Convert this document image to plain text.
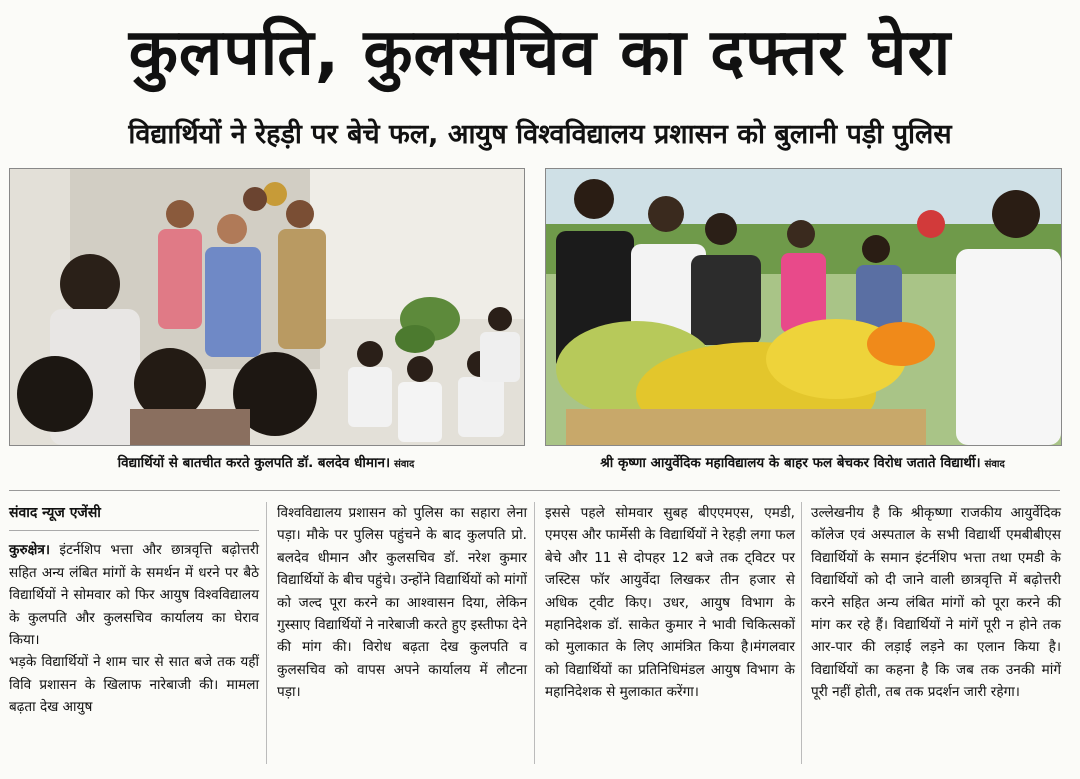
कुलपति, कुलसचिव का दफ्तर घेरा
विद्यार्थियों ने रेहड़ी पर बेचे फल, आयुष विश्वविद्यालय प्रशासन को बुलानी पड़ी पुलिस
विद्यार्थियों से बातचीत करते कुलपति डॉ. बलदेव धीमान। संवाद	श्री कृष्णा आयुर्वेदिक महाविद्यालय के बाहर फल बेचकर विरोध जताते विद्यार्थी। संवाद
संवाद न्यूज एजेंसी

कुरुक्षेत्र। इंटर्नशिप भत्ता और छात्रवृत्ति बढ़ोत्तरी सहित अन्य लंबित मांगों के समर्थन में धरने पर बैठे विद्यार्थियों ने सोमवार को फिर आयुष विश्वविद्यालय के कुलपति और कुलसचिव कार्यालय का घेराव किया।

भड़के विद्यार्थियों ने शाम चार से सात बजे तक यहीं विवि प्रशासन के खिलाफ नारेबाजी की। मामला बढ़ता देख आयुष

विश्वविद्यालय प्रशासन को पुलिस का सहारा लेना पड़ा। मौके पर पुलिस पहुंचने के बाद कुलपति प्रो. बलदेव धीमान और कुलसचिव डॉ. नरेश कुमार विद्यार्थियों के बीच पहुंचे। उन्होंने विद्यार्थियों को मांगों को जल्द पूरा करने का आश्वासन दिया, लेकिन गुस्साए विद्यार्थियों ने नारेबाजी करते हुए इस्तीफा देने की मांग की। विरोध बढ़ता देख कुलपति व कुलसचिव को वापस अपने कार्यालय में लौटना पड़ा।

इससे पहले सोमवार सुबह बीएएमएस, एमडी, एमएस और फार्मेसी के विद्यार्थियों ने रेहड़ी लगा फल बेचे और 11 से दोपहर 12 बजे तक ट्विटर पर जस्टिस फॉर आयुर्वेदा लिखकर तीन हजार से अधिक ट्वीट किए। उधर, आयुष विभाग के महानिदेशक डॉ. साकेत कुमार ने भावी चिकित्सकों को मुलाकात के लिए आमंत्रित किया है।मंगलवार को विद्यार्थियों का प्रतिनिधिमंडल आयुष विभाग के महानिदेशक से मुलाकात करेंगा।

उल्लेखनीय है कि श्रीकृष्णा राजकीय आयुर्वेदिक कॉलेज एवं अस्पताल के सभी विद्यार्थी एमबीबीएस विद्यार्थियों के समान इंटर्नशिप भत्ता तथा एमडी के विद्यार्थियों को दी जाने वाली छात्रवृत्ति में बढ़ोत्तरी करने सहित अन्य लंबित मांगों को पूरा करने की मांग कर रहे हैं। विद्यार्थियों ने मांगें पूरी न होने तक आर-पार की लड़ाई लड़ने का एलान किया है। विद्यार्थियों का कहना है कि जब तक उनकी मांगें पूरी नहीं होती, तब तक प्रदर्शन जारी रहेगा।
